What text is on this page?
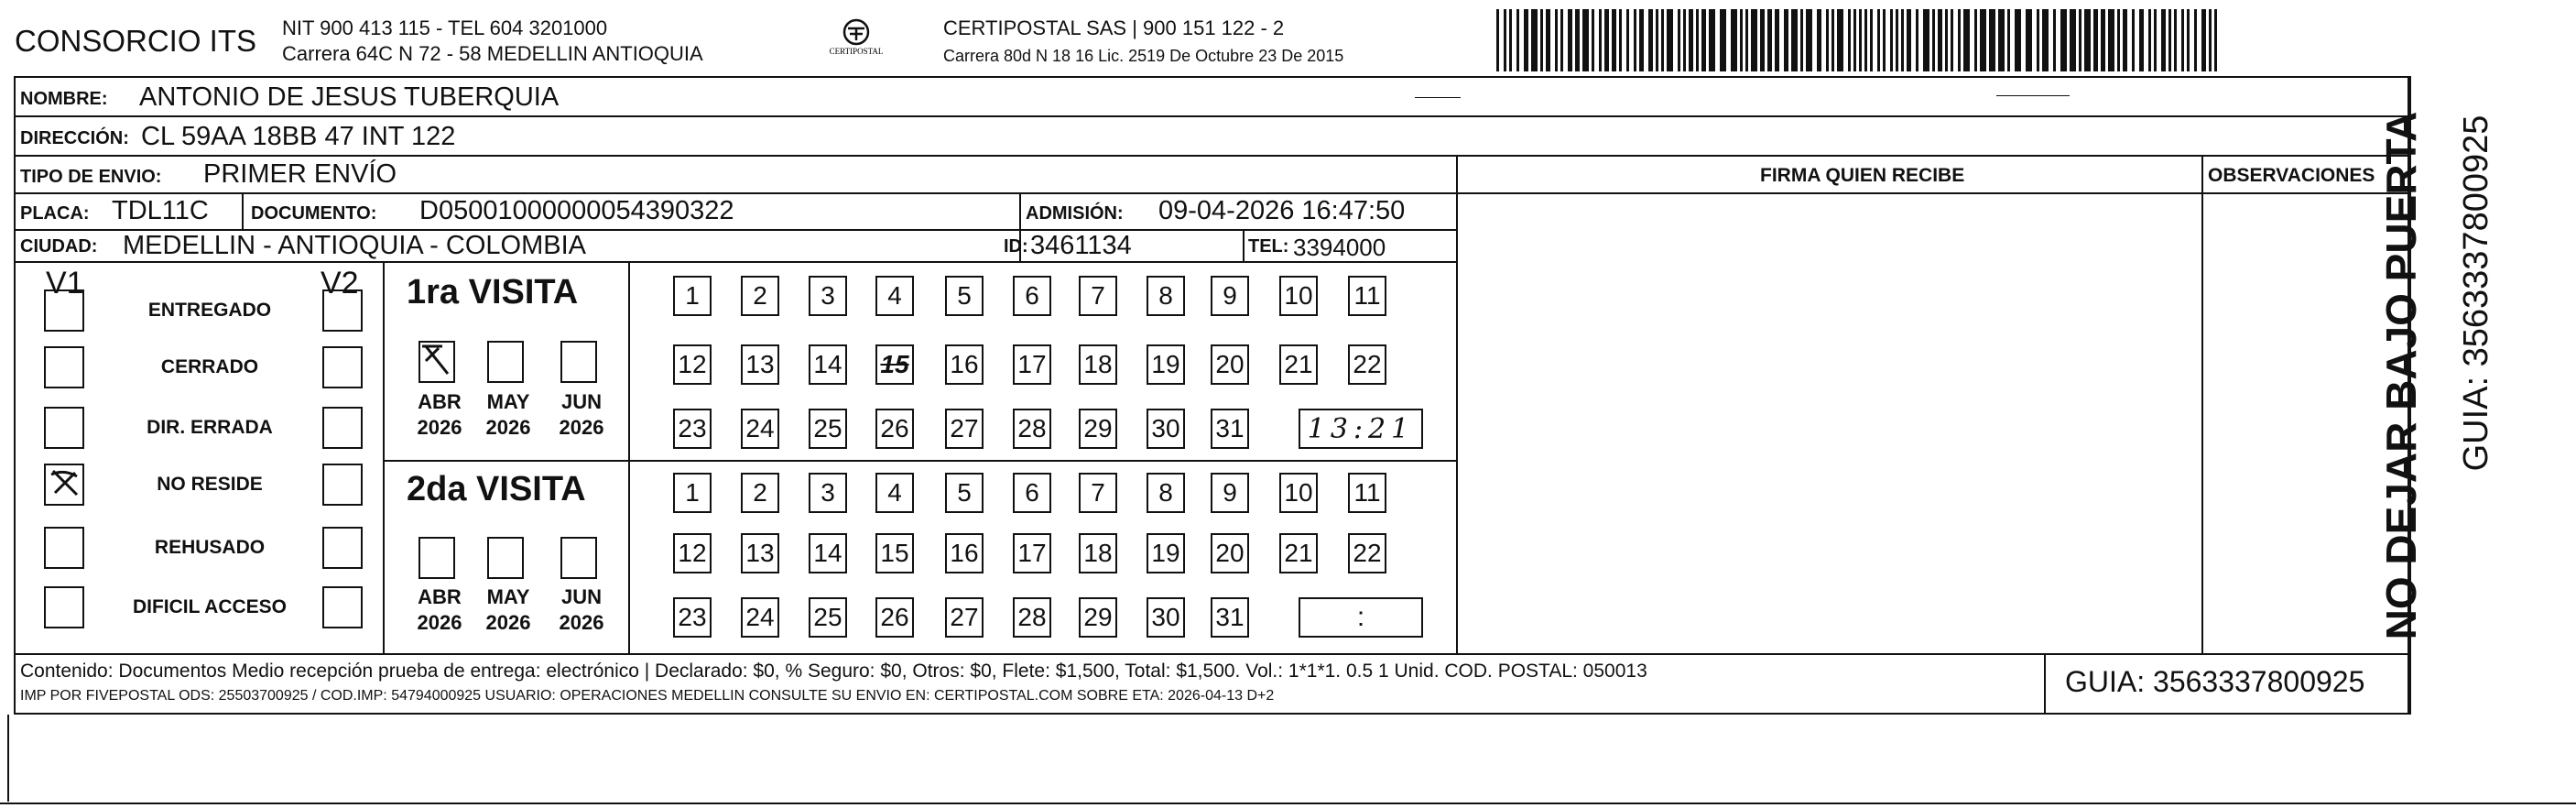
CONSORCIO ITS NIT 900 413 115 - TEL 604 3201000
Carrera 64C N 72 - 58 MEDELLIN ANTIOQUIA	CERTIPOSTAL
CERTIPOSTAL SAS | 900 151 122 - 2
Carrera 80d N 18 16 Lic. 2519 De Octubre 23 De 2015
NOMBRE: ANTONIO DE JESUS TUBERQUIA
DIRECCIÓN: CL 59AA 18BB 47 INT 122
TIPO DE ENVIO: PRIMER ENVÍO	FIRMA QUIEN RECIBE	OBSERVACIONES
PLACA: TDL11C DOCUMENTO: D05001000000054390322	ADMISIÓN: 09-04-2026 16:47:50
CIUDAD: MEDELLIN - ANTIOQUIA - COLOMBIA	ID: 3461134	TEL: 3394000
V1	V2
ENTREGADO
CERRADO
DIR. ERRADA
NO RESIDE
REHUSADO
DIFICIL ACCESO
1ra VISITA
2da VISITA
ABR
2026
MAY
2026
JUN
2026
ABR
2026
MAY
2026
JUN
2026
1 2 3 4 5 6 7 8 9 10 11
12 13 14 15 16 17 18 19 20 21 22
23 24 25 26 27 28 29 30 31	13:21
1 2 3 4 5 6 7 8 9 10 11
12 13 14 15 16 17 18 19 20 21 22
23 24 25 26 27 28 29 30 31	:
Contenido: Documentos Medio recepción prueba de entrega: electrónico | Declarado: $0, % Seguro: $0, Otros: $0, Flete: $1,500, Total: $1,500. Vol.: 1*1*1. 0.5 1 Unid. COD. POSTAL: 050013
IMP POR FIVEPOSTAL ODS: 25503700925 / COD.IMP: 54794000925 USUARIO: OPERACIONES MEDELLIN CONSULTE SU ENVIO EN: CERTIPOSTAL.COM SOBRE ETA: 2026-04-13 D+2	GUIA: 3563337800925
NO DEJAR BAJO PUERTA GUIA: 3563337800925
